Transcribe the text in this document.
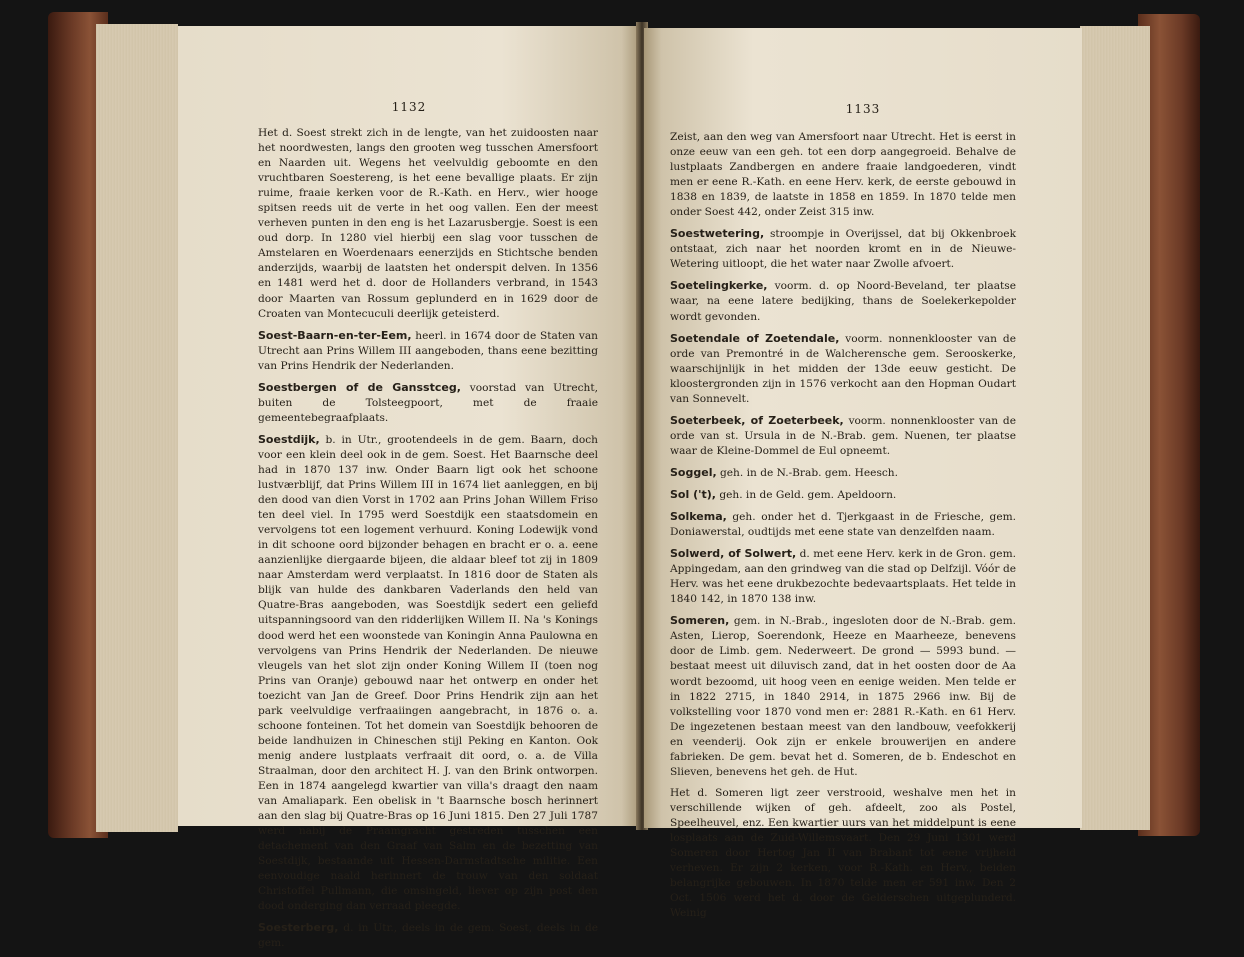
1132

Het d. Soest strekt zich in de lengte, van het zuidoosten naar het noordwesten, langs den grooten weg tusschen Amersfoort en Naarden uit. Wegens het veelvuldig geboomte en den vruchtbaren Soestereng, is het eene bevallige plaats. Er zijn ruime, fraaie kerken voor de R.-Kath. en Herv., wier hooge spitsen reeds uit de verte in het oog vallen. Een der meest verheven punten in den eng is het Lazarusbergje. Soest is een oud dorp. In 1280 viel hierbij een slag voor tusschen de Amstelaren en Woerdenaars eenerzijds en Stichtsche benden anderzijds, waarbij de laatsten het onderspit delven. In 1356 en 1481 werd het d. door de Hollanders verbrand, in 1543 door Maarten van Rossum geplunderd en in 1629 door de Croaten van Montecuculi deerlijk geteisterd.

Soest-Baarn-en-ter-Eem, heerl. in 1674 door de Staten van Utrecht aan Prins Willem III aangeboden, thans eene bezitting van Prins Hendrik der Nederlanden.

Soestbergen of de Gansstceg, voorstad van Utrecht, buiten de Tolsteegpoort, met de fraaie gemeentebegraafplaats.

Soestdijk, b. in Utr., grootendeels in de gem. Baarn, doch voor een klein deel ook in de gem. Soest. Het Baarnsche deel had in 1870 137 inw. Onder Baarn ligt ook het schoone lustværblijf, dat Prins Willem III in 1674 liet aanleggen, en bij den dood van dien Vorst in 1702 aan Prins Johan Willem Friso ten deel viel. In 1795 werd Soestdijk een staatsdomein en vervolgens tot een logement verhuurd. Koning Lodewijk vond in dit schoone oord bijzonder behagen en bracht er o. a. eene aanzienlijke diergaarde bijeen, die aldaar bleef tot zij in 1809 naar Amsterdam werd verplaatst. In 1816 door de Staten als blijk van hulde des dankbaren Vaderlands den held van Quatre-Bras aangeboden, was Soestdijk sedert een geliefd uitspanningsoord van den ridderlijken Willem II. Na 's Konings dood werd het een woonstede van Koningin Anna Paulowna en vervolgens van Prins Hendrik der Nederlanden. De nieuwe vleugels van het slot zijn onder Koning Willem II (toen nog Prins van Oranje) gebouwd naar het ontwerp en onder het toezicht van Jan de Greef. Door Prins Hendrik zijn aan het park veelvuldige verfraaiingen aangebracht, in 1876 o. a. schoone fonteinen. Tot het domein van Soestdijk behooren de beide landhuizen in Chineschen stijl Peking en Kanton. Ook menig andere lustplaats verfraait dit oord, o. a. de Villa Straalman, door den architect H. J. van den Brink ontworpen. Een in 1874 aangelegd kwartier van villa's draagt den naam van Amaliapark. Een obelisk in 't Baarnsche bosch herinnert aan den slag bij Quatre-Bras op 16 Juni 1815. Den 27 Juli 1787 werd nabij de Praamgracht gestreden tusschen een detachement van den Graaf van Salm en de bezetting van Soestdijk, bestaande uit Hessen-Darmstadtsche militie. Een eenvoudige naald herinnert de trouw van den soldaat Christoffel Pullmann, die omsingeld, liever op zijn post den dood onderging dan verraad pleegde.

Soesterberg, d. in Utr., deels in de gem. Soest, deels in de gem.

1133

Zeist, aan den weg van Amersfoort naar Utrecht. Het is eerst in onze eeuw van een geh. tot een dorp aangegroeid. Behalve de lustplaats Zandbergen en andere fraaie landgoederen, vindt men er eene R.-Kath. en eene Herv. kerk, de eerste gebouwd in 1838 en 1839, de laatste in 1858 en 1859. In 1870 telde men onder Soest 442, onder Zeist 315 inw.

Soestwetering, stroompje in Overijssel, dat bij Okkenbroek ontstaat, zich naar het noorden kromt en in de Nieuwe-Wetering uitloopt, die het water naar Zwolle afvoert.

Soetelingkerke, voorm. d. op Noord-Beveland, ter plaatse waar, na eene latere bedijking, thans de Soelekerkepolder wordt gevonden.

Soetendale of Zoetendale, voorm. nonnenklooster van de orde van Premontré in de Walcherensche gem. Serooskerke, waarschijnlijk in het midden der 13de eeuw gesticht. De kloostergronden zijn in 1576 verkocht aan den Hopman Oudart van Sonnevelt.

Soeterbeek, of Zoeterbeek, voorm. nonnenklooster van de orde van st. Ursula in de N.-Brab. gem. Nuenen, ter plaatse waar de Kleine-Dommel de Eul opneemt.

Soggel, geh. in de N.-Brab. gem. Heesch.

Sol ('t), geh. in de Geld. gem. Apeldoorn.

Solkema, geh. onder het d. Tjerkgaast in de Friesche, gem. Doniawerstal, oudtijds met eene state van denzelfden naam.

Solwerd, of Solwert, d. met eene Herv. kerk in de Gron. gem. Appingedam, aan den grindweg van die stad op Delfzijl. Vóór de Herv. was het eene drukbezochte bedevaartsplaats. Het telde in 1840 142, in 1870 138 inw.

Someren, gem. in N.-Brab., ingesloten door de N.-Brab. gem. Asten, Lierop, Soerendonk, Heeze en Maarheeze, benevens door de Limb. gem. Nederweert. De grond — 5993 bund. — bestaat meest uit diluvisch zand, dat in het oosten door de Aa wordt bezoomd, uit hoog veen en eenige weiden. Men telde er in 1822 2715, in 1840 2914, in 1875 2966 inw. Bij de volkstelling voor 1870 vond men er: 2881 R.-Kath. en 61 Herv. De ingezetenen bestaan meest van den landbouw, veefokkerij en veenderij. Ook zijn er enkele brouwerijen en andere fabrieken. De gem. bevat het d. Someren, de b. Endeschot en Slieven, benevens het geh. de Hut.

Het d. Someren ligt zeer verstrooid, weshalve men het in verschillende wijken of geh. afdeelt, zoo als Postel, Speelheuvel, enz. Een kwartier uurs van het middelpunt is eene losplaats aan de Zuid-Willemsvaart. Den 29 Juni 1301 werd Someren door Hertog Jan II van Brabant tot eene vrijheid verheven. Er zijn 2 kerken, voor R.-Kath. en Herv., beiden belangrijke gebouwen. In 1870 telde men er 591 inw. Den 2 Oct. 1506 werd het d. door de Gelderschen uitgeplunderd. Weinig
